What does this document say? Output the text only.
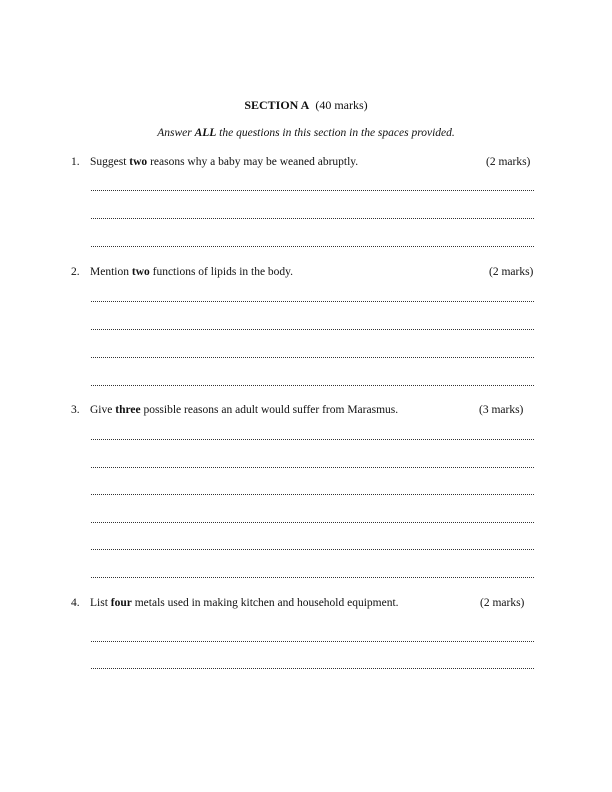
SECTION A (40 marks)
Answer ALL the questions in this section in the spaces provided.
1. Suggest two reasons why a baby may be weaned abruptly.	(2 marks)
2. Mention two functions of lipids in the body.	(2 marks)
3. Give three possible reasons an adult would suffer from Marasmus.	(3 marks)
4. List four metals used in making kitchen and household equipment.	(2 marks)
